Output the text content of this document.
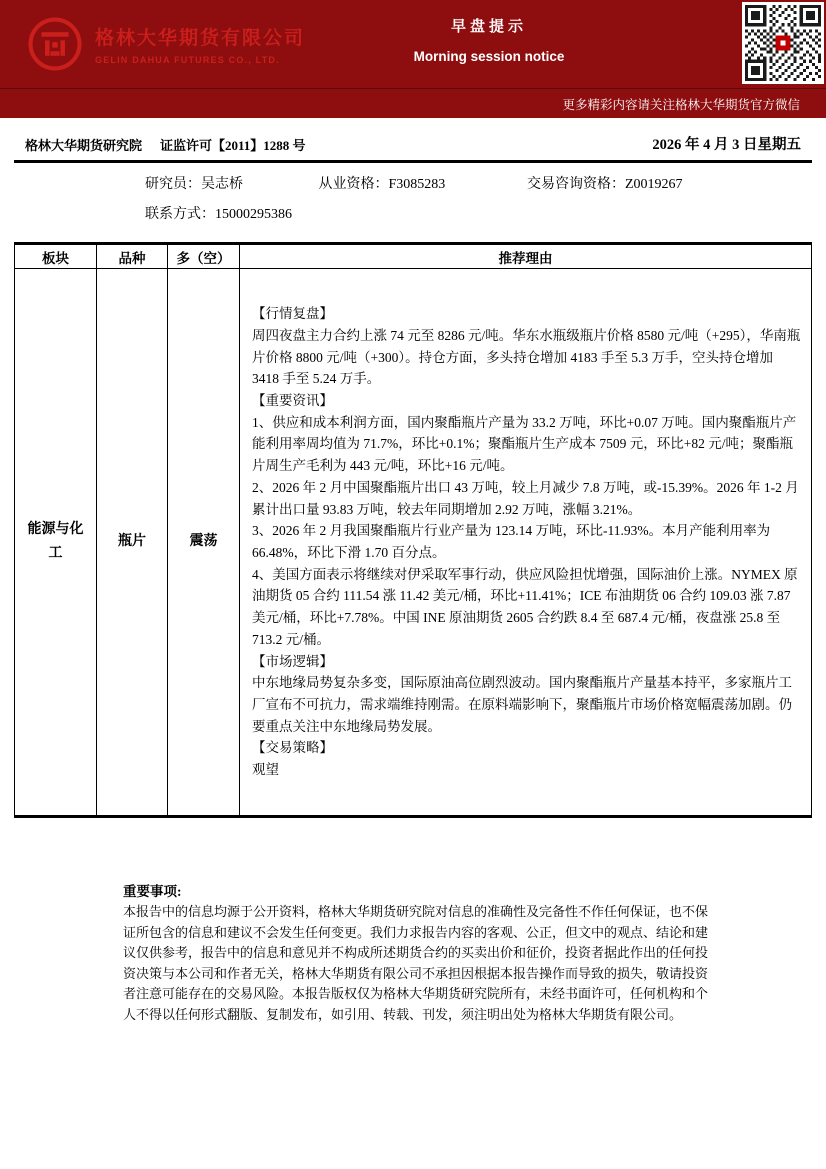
格林大华期货有限公司
GELIN DAHUA FUTURES CO., LTD.
早盘提示
Morning session notice
更多精彩内容请关注格林大华期货官方微信
格林大华期货研究院 证监许可【2011】1288 号	2026 年 4 月 3 日星期五
研究员：吴志桥	从业资格：F3085283	交易咨询资格：Z0019267
联系方式：15000295386
板块	品种	多（空）	推荐理由
能源与化工	瓶片	震荡	
【行情复盘】

周四夜盘主力合约上涨 74 元至 8286 元/吨。华东水瓶级瓶片价格 8580 元/吨（+295），华南瓶片价格 8800 元/吨（+300）。持仓方面，多头持仓增加 4183 手至 5.3 万手，空头持仓增加 3418 手至 5.24 万手。

【重要资讯】

1、供应和成本利润方面，国内聚酯瓶片产量为 33.2 万吨，环比+0.07 万吨。国内聚酯瓶片产能利用率周均值为 71.7%，环比+0.1%；聚酯瓶片生产成本 7509 元，环比+82 元/吨；聚酯瓶片周生产毛利为 443 元/吨，环比+16 元/吨。

2、2026 年 2 月中国聚酯瓶片出口 43 万吨，较上月减少 7.8 万吨，或-15.39%。2026 年 1-2 月累计出口量 93.83 万吨，较去年同期增加 2.92 万吨，涨幅 3.21%。

3、2026 年 2 月我国聚酯瓶片行业产量为 123.14 万吨，环比-11.93%。本月产能利用率为 66.48%，环比下滑 1.70 百分点。

4、美国方面表示将继续对伊采取军事行动，供应风险担忧增强，国际油价上涨。NYMEX 原油期货 05 合约 111.54 涨 11.42 美元/桶，环比+11.41%；ICE 布油期货 06 合约 109.03 涨 7.87 美元/桶，环比+7.78%。中国 INE 原油期货 2605 合约跌 8.4 至 687.4 元/桶，夜盘涨 25.8 至 713.2 元/桶。

【市场逻辑】

中东地缘局势复杂多变，国际原油高位剧烈波动。国内聚酯瓶片产量基本持平，多家瓶片工厂宣布不可抗力，需求端维持刚需。在原料端影响下，聚酯瓶片市场价格宽幅震荡加剧。仍要重点关注中东地缘局势发展。

【交易策略】

观望

重要事项:

本报告中的信息均源于公开资料，格林大华期货研究院对信息的准确性及完备性不作任何保证，也不保证所包含的信息和建议不会发生任何变更。我们力求报告内容的客观、公正，但文中的观点、结论和建议仅供参考，报告中的信息和意见并不构成所述期货合约的买卖出价和征价，投资者据此作出的任何投资决策与本公司和作者无关，格林大华期货有限公司不承担因根据本报告操作而导致的损失，敬请投资者注意可能存在的交易风险。本报告版权仅为格林大华期货研究院所有，未经书面许可，任何机构和个人不得以任何形式翻版、复制发布，如引用、转载、刊发，须注明出处为格林大华期货有限公司。
